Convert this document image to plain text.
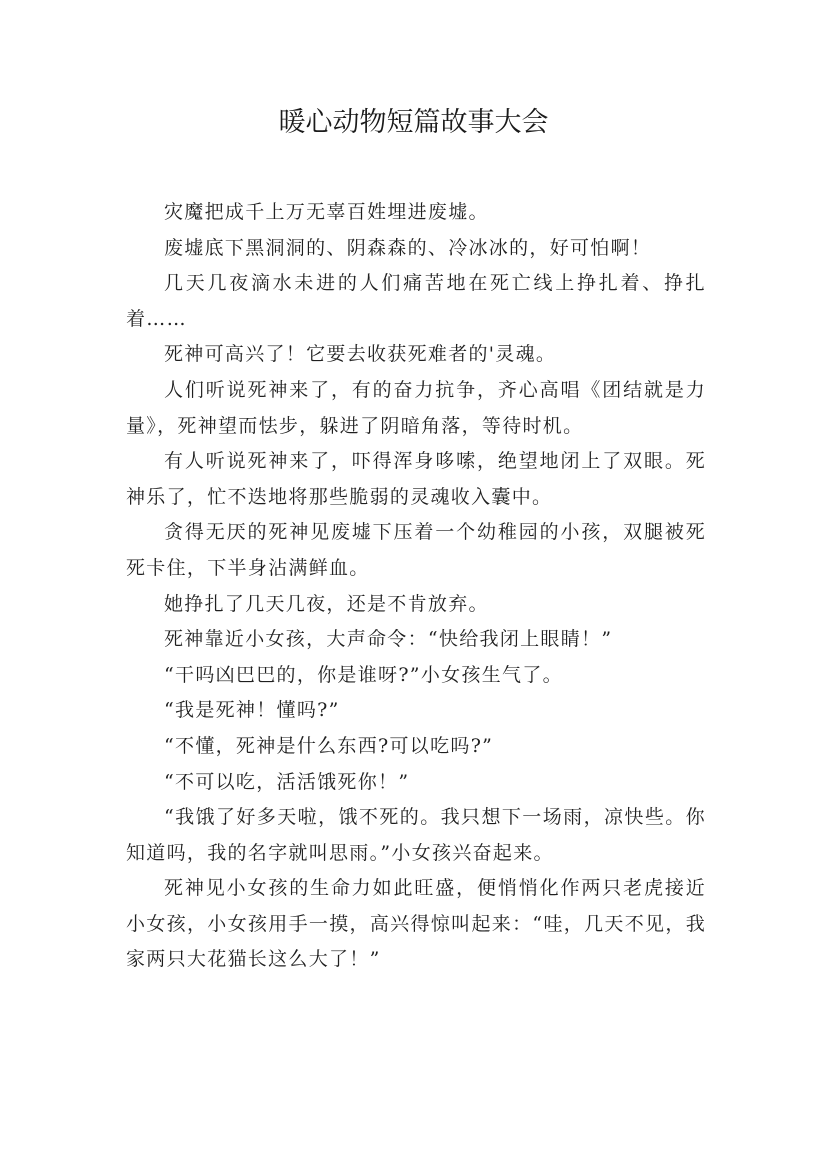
暖心动物短篇故事大会

灾魔把成千上万无辜百姓埋进废墟。

废墟底下黑洞洞的、阴森森的、冷冰冰的，好可怕啊！

几天几夜滴水未进的人们痛苦地在死亡线上挣扎着、挣扎着……

死神可高兴了！它要去收获死难者的'灵魂。

人们听说死神来了，有的奋力抗争，齐心高唱《团结就是力量》，死神望而怯步，躲进了阴暗角落，等待时机。

有人听说死神来了，吓得浑身哆嗦，绝望地闭上了双眼。死神乐了，忙不迭地将那些脆弱的灵魂收入囊中。

贪得无厌的死神见废墟下压着一个幼稚园的小孩，双腿被死死卡住，下半身沾满鲜血。

她挣扎了几天几夜，还是不肯放弃。

死神靠近小女孩，大声命令：“快给我闭上眼睛！”

“干吗凶巴巴的，你是谁呀?”小女孩生气了。

“我是死神！懂吗?”

“不懂，死神是什么东西?可以吃吗?”

“不可以吃，活活饿死你！”

“我饿了好多天啦，饿不死的。我只想下一场雨，凉快些。你知道吗，我的名字就叫思雨。”小女孩兴奋起来。

死神见小女孩的生命力如此旺盛，便悄悄化作两只老虎接近小女孩，小女孩用手一摸，高兴得惊叫起来：“哇，几天不见，我家两只大花猫长这么大了！”
